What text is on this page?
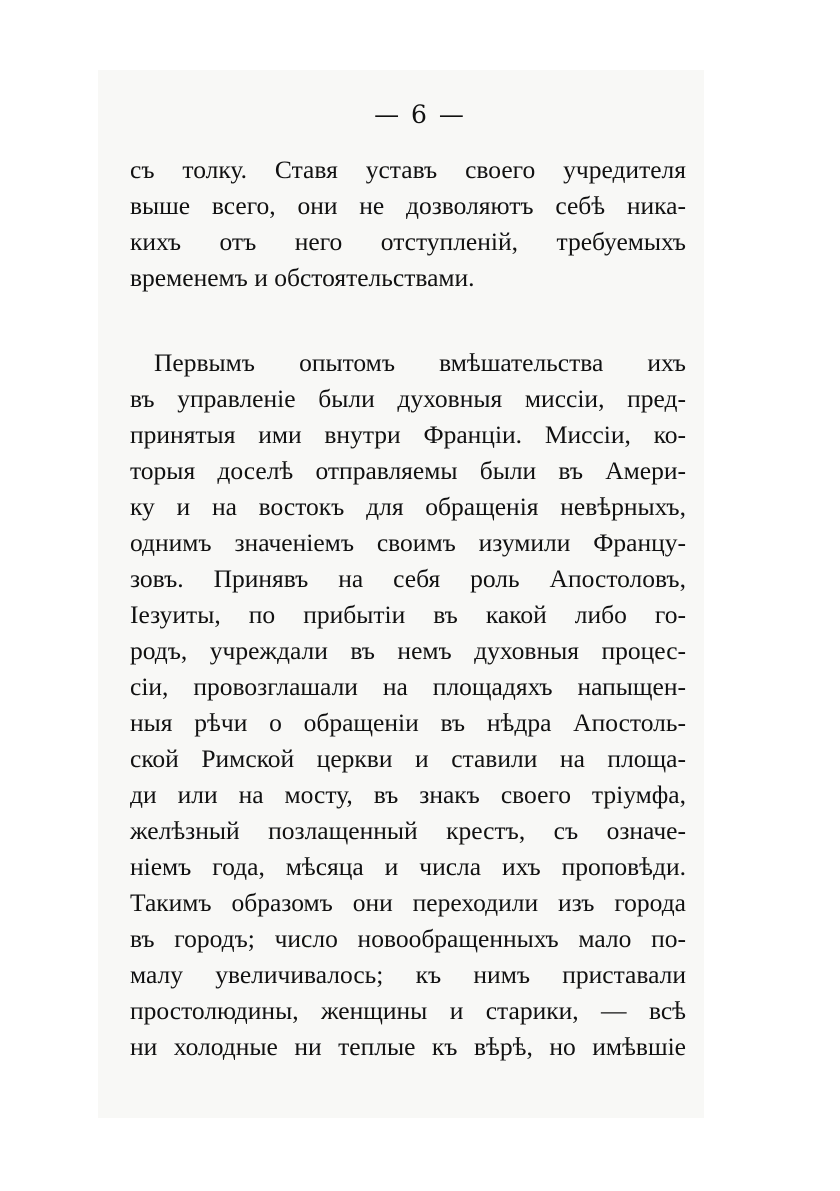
— 6 —
съ толку. Ставя уставъ своего учредителя
выше всего, они не дозволяютъ себѣ ника-
кихъ отъ него отступленій, требуемыхъ
временемъ и обстоятельствами.
Первымъ опытомъ вмѣшательства ихъ
въ управленіе были духовныя миссіи, пред-
принятыя ими внутри Франціи. Миссіи, ко-
торыя доселѣ отправляемы были въ Амери-
ку и на востокъ для обращенія невѣрныхъ,
однимъ значеніемъ своимъ изумили Францу-
зовъ. Принявъ на себя роль Апостоловъ,
Іезуиты, по прибытіи въ какой либо го-
родъ, учреждали въ немъ духовныя процес-
сіи, провозглашали на площадяхъ напыщен-
ныя рѣчи о обращеніи въ нѣдра Апостоль-
ской Римской церкви и ставили на площа-
ди или на мосту, въ знакъ своего тріумфа,
желѣзный позлащенный крестъ, съ означе-
ніемъ года, мѣсяца и числа ихъ проповѣди.
Такимъ образомъ они переходили изъ города
въ городъ; число новообращенныхъ мало по-
малу увеличивалось; къ нимъ приставали
простолюдины, женщины и старики, — всѣ
ни холодные ни теплые къ вѣрѣ, но имѣвшіе
